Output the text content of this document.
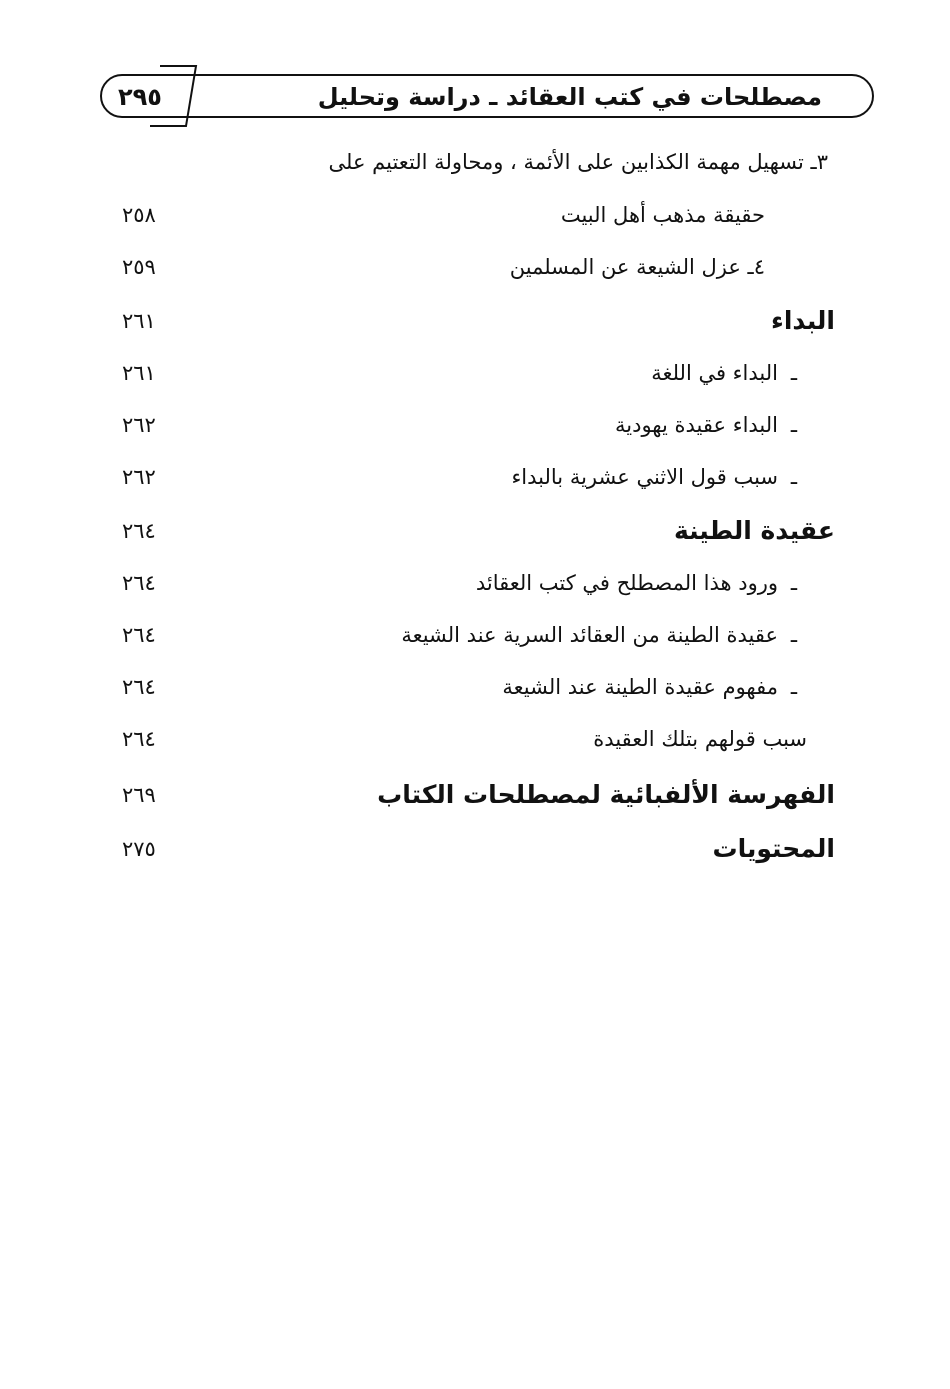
مصطلحات في كتب العقائد ـ دراسة وتحليل
٢٩٥
٣ـ تسهيل مهمة الكذابين على الأئمة ، ومحاولة التعتيم على
حقيقة مذهب أهل البيت
٢٥٨
٤ـ عزل الشيعة عن المسلمين
٢٥٩
البداء
٢٦١
ـالبداء في اللغة
٢٦١
ـالبداء عقيدة يهودية
٢٦٢
ـسبب قول الاثني عشرية بالبداء
٢٦٢
عقيدة الطينة
٢٦٤
ـورود هذا المصطلح في كتب العقائد
٢٦٤
ـعقيدة الطينة من العقائد السرية عند الشيعة
٢٦٤
ـمفهوم عقيدة الطينة عند الشيعة
٢٦٤
سبب قولهم بتلك العقيدة
٢٦٤
الفهرسة الألفبائية لمصطلحات الكتاب
٢٦٩
المحتويات
٢٧٥
